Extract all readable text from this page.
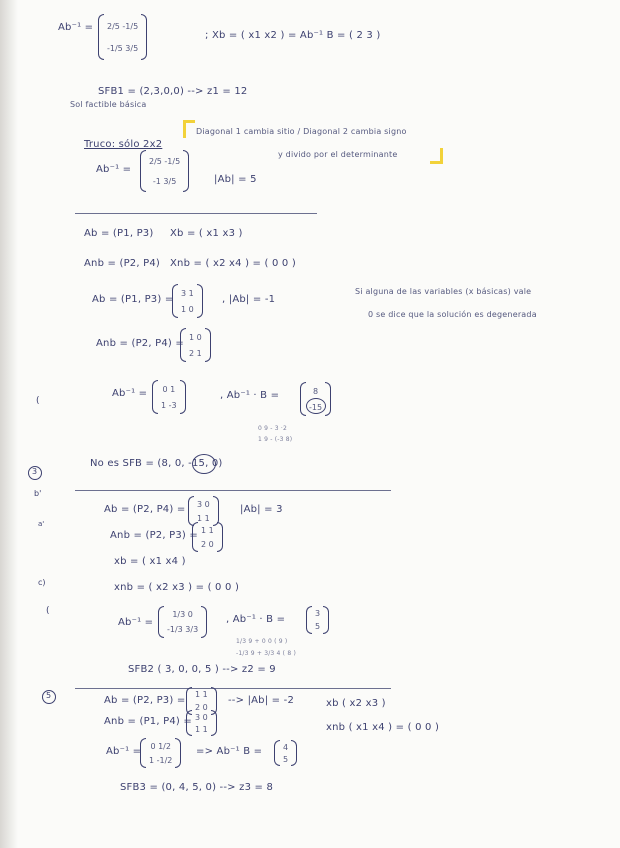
Ab⁻¹ = 2/5 -1/5
-1/5 3/5
; Xb = ( x1 x2 ) = Ab⁻¹ B = ( 2 3 )
SFB1 = (2,3,0,0) --> z1 = 12
Sol factible básica
Truco: sólo 2x2
Diagonal 1 cambia sitio / Diagonal 2 cambia signo
y divido por el determinante
Ab⁻¹ =
2/5 -1/5
-1 3/5	|Ab| = 5
Ab = (P1, P3) Xb = ( x1 x3 )
Anb = (P2, P4) Xnb = ( x2 x4 ) = ( 0 0 )
Ab = (P1, P3) =
3 1
1 0
, |Ab| = -1
Si alguna de las variables (x básicas) vale
0 se dice que la solución es degenerada
Anb = (P2, P4) =
1 0
2 1
Ab⁻¹ = 0 1
1 -3
, Ab⁻¹ · B =	8
-15
0 9 - 3 ·2
1 9 - (-3 8)
No es SFB = (8, 0, -15, 0)
3
Ab = (P2, P4) = 3 0
1 1
|Ab| = 3
Anb = (P2, P3) = 1 1
2 0
xb = ( x1 x4 )
xnb = ( x2 x3 ) = ( 0 0 )
Ab⁻¹ =
1/3 0
-1/3 3/3
, Ab⁻¹ · B =
3
5
1/3 9 + 0 0 ( 9 )
-1/3 9 + 3/3 4 ( 8 )
SFB2 ( 3, 0, 0, 5 ) --> z2 = 9
5	Ab = (P2, P3) =
1 1
2 0
--> |Ab| = -2	xb ( x2 x3 )
Anb = (P1, P4) = 3 0
1 1	xnb ( x1 x4 ) = ( 0 0 )
Ab⁻¹ = 0 1/2
1 -1/2
=> Ab⁻¹ B =	4
5
SFB3 = (0, 4, 5, 0) --> z3 = 8
(
b'
a'
c)
(
